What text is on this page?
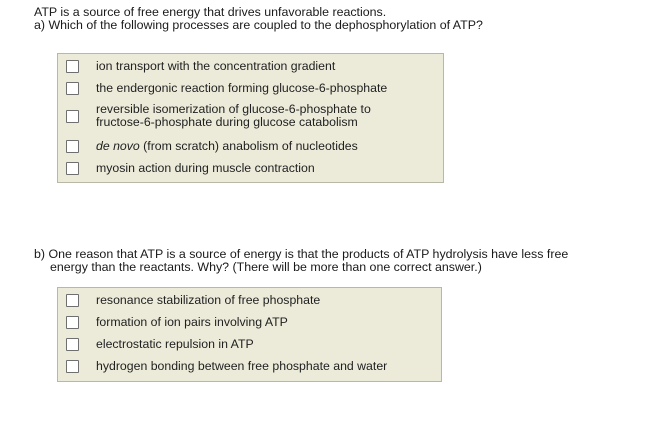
ATP is a source of free energy that drives unfavorable reactions.
a) Which of the following processes are coupled to the dephosphorylation of ATP?
ion transport with the concentration gradient
the endergonic reaction forming glucose-6-phosphate
reversible isomerization of glucose-6-phosphate to
fructose-6-phosphate during glucose catabolism
de novo (from scratch) anabolism of nucleotides
myosin action during muscle contraction
b) One reason that ATP is a source of energy is that the products of ATP hydrolysis have less free
energy than the reactants. Why? (There will be more than one correct answer.)
resonance stabilization of free phosphate
formation of ion pairs involving ATP
electrostatic repulsion in ATP
hydrogen bonding between free phosphate and water
